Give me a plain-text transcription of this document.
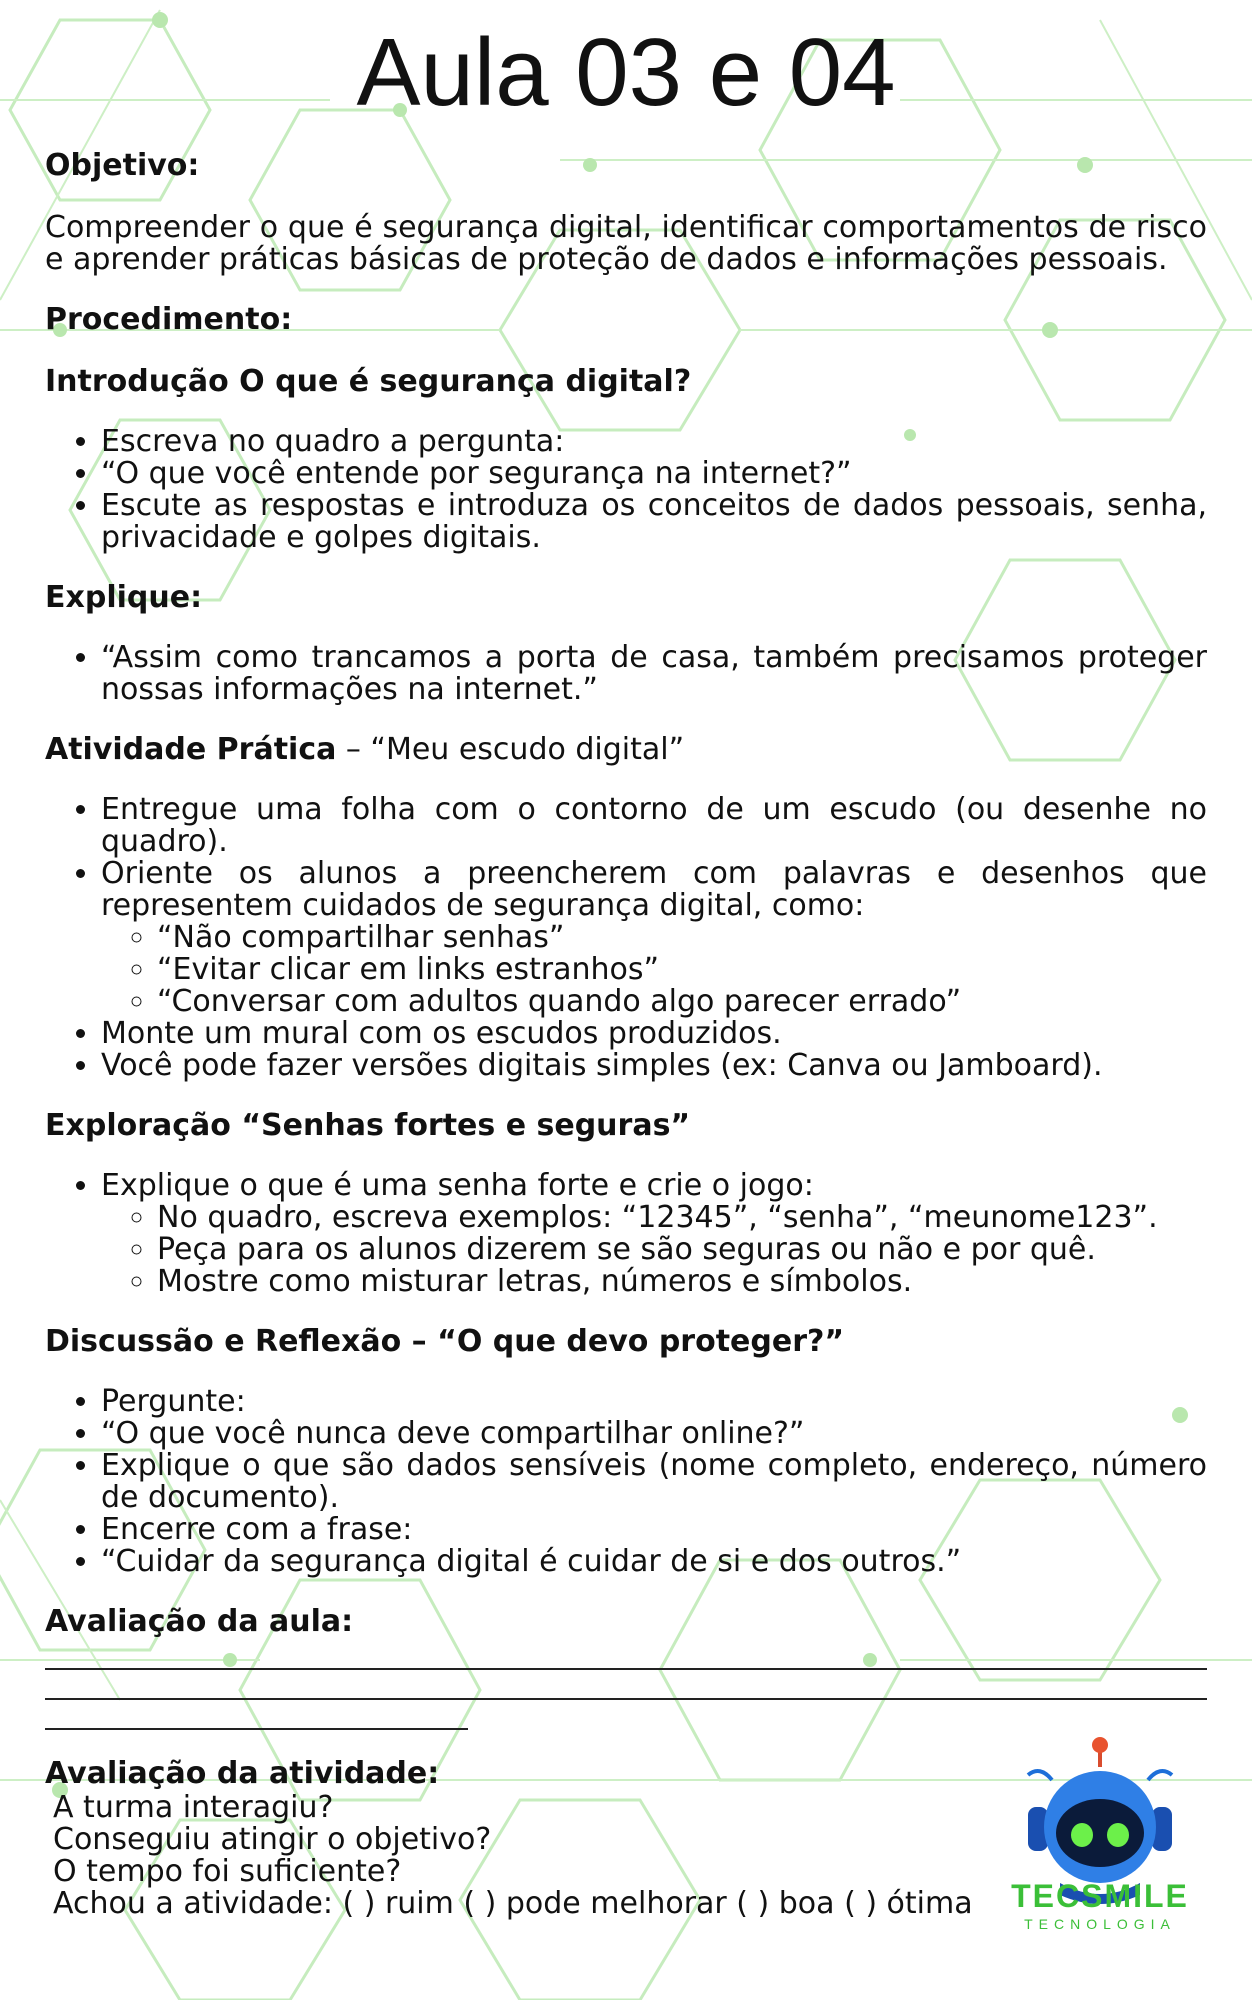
Aula 03 e 04
Objetivo:

Compreender o que é segurança digital, identificar comportamentos de risco e aprender práticas básicas de proteção de dados e informações pessoais.

Procedimento:
Introdução O que é segurança digital?
• Escreva no quadro a pergunta:
• “O que você entende por segurança na internet?”
• Escute as respostas e introduza os conceitos de dados pessoais, senha, privacidade e golpes digitais.
Explique:
• “Assim como trancamos a porta de casa, também precisamos proteger nossas informações na internet.”
Atividade Prática – “Meu escudo digital”
• Entregue uma folha com o contorno de um escudo (ou desenhe no quadro).
• Oriente os alunos a preencherem com palavras e desenhos que representem cuidados de segurança digital, como:
◦ “Não compartilhar senhas”
◦ “Evitar clicar em links estranhos”
◦ “Conversar com adultos quando algo parecer errado”
• Monte um mural com os escudos produzidos.
• Você pode fazer versões digitais simples (ex: Canva ou Jamboard).
Exploração “Senhas fortes e seguras”
• Explique o que é uma senha forte e crie o jogo:
◦ No quadro, escreva exemplos: “12345”, “senha”, “meunome123”.
◦ Peça para os alunos dizerem se são seguras ou não e por quê.
◦ Mostre como misturar letras, números e símbolos.
Discussão e Reflexão – “O que devo proteger?”
• Pergunte:
• “O que você nunca deve compartilhar online?”
• Explique o que são dados sensíveis (nome completo, endereço, número de documento).
• Encerre com a frase:
• “Cuidar da segurança digital é cuidar de si e dos outros.”
Avaliação da aula:
Avaliação da atividade:
A turma interagiu?
Conseguiu atingir o objetivo?
O tempo foi suficiente?
Achou a atividade: ( ) ruim ( ) pode melhorar ( ) boa ( ) ótima	TECSMILE
TECNOLOGIA
